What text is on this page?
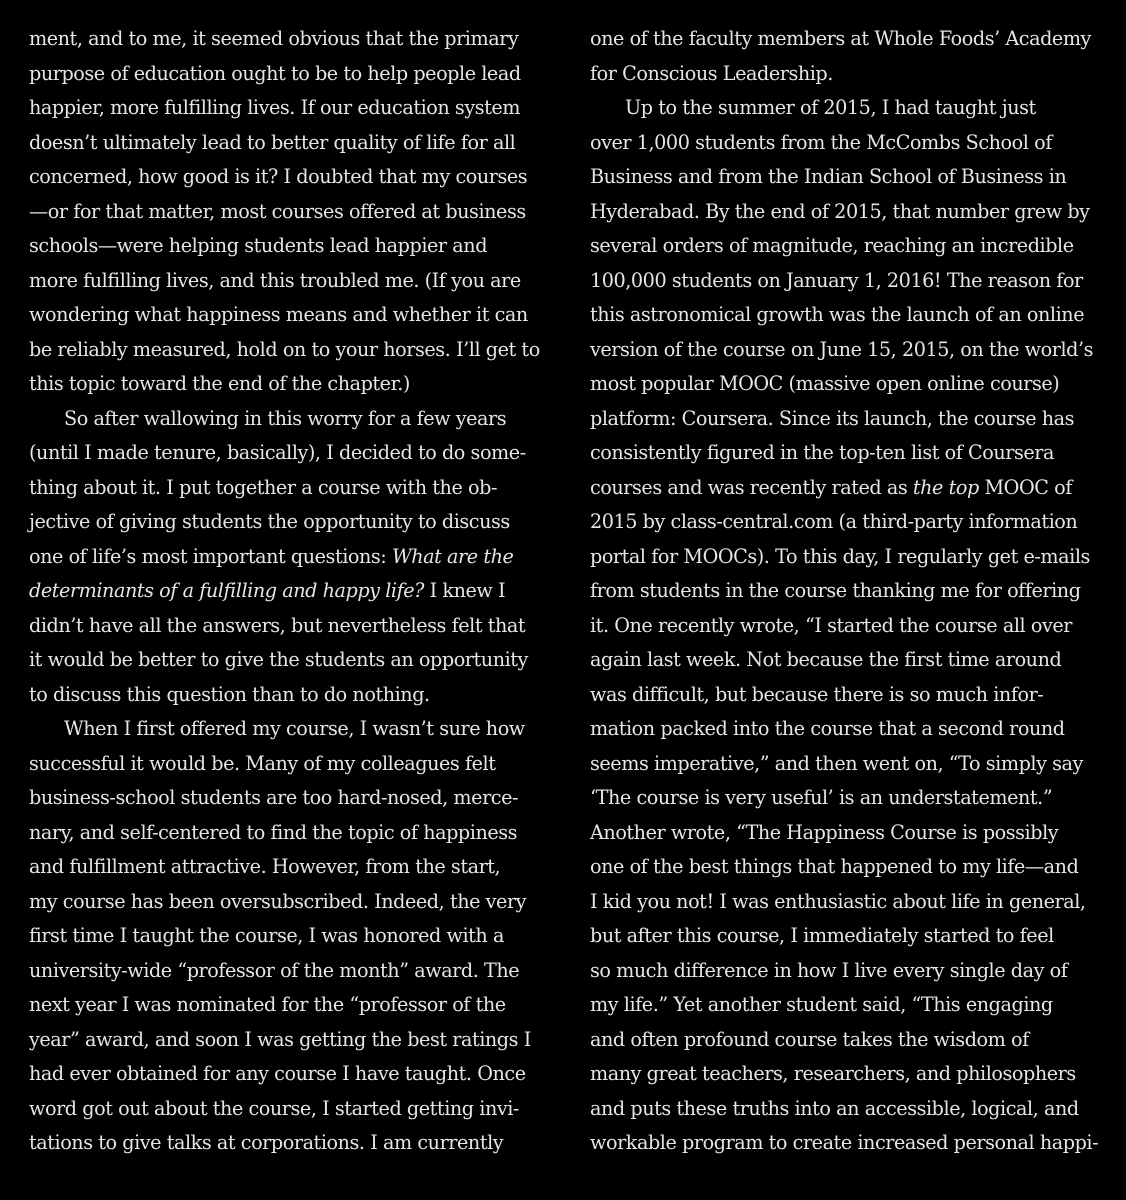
ment, and to me, it seemed obvious that the primary
purpose of education ought to be to help people lead
happier, more fulfilling lives. If our education system
doesn’t ultimately lead to better quality of life for all
concerned, how good is it? I doubted that my courses
—or for that matter, most courses offered at business
schools—were helping students lead happier and
more fulfilling lives, and this troubled me. (If you are
wondering what happiness means and whether it can
be reliably measured, hold on to your horses. I’ll get to
this topic toward the end of the chapter.)
So after wallowing in this worry for a few years
(until I made tenure, basically), I decided to do some-
thing about it. I put together a course with the ob-
jective of giving students the opportunity to discuss
one of life’s most important questions: What are the
determinants of a fulfilling and happy life? I knew I
didn’t have all the answers, but nevertheless felt that
it would be better to give the students an opportunity
to discuss this question than to do nothing.
When I first offered my course, I wasn’t sure how
successful it would be. Many of my colleagues felt
business-school students are too hard-nosed, merce-
nary, and self-centered to find the topic of happiness
and fulfillment attractive. However, from the start,
my course has been oversubscribed. Indeed, the very
first time I taught the course, I was honored with a
university-wide “professor of the month” award. The
next year I was nominated for the “professor of the
year” award, and soon I was getting the best ratings I
had ever obtained for any course I have taught. Once
word got out about the course, I started getting invi-
tations to give talks at corporations. I am currently
one of the faculty members at Whole Foods’ Academy
for Conscious Leadership.
Up to the summer of 2015, I had taught just
over 1,000 students from the McCombs School of
Business and from the Indian School of Business in
Hyderabad. By the end of 2015, that number grew by
several orders of magnitude, reaching an incredible
100,000 students on January 1, 2016! The reason for
this astronomical growth was the launch of an online
version of the course on June 15, 2015, on the world’s
most popular MOOC (massive open online course)
platform: Coursera. Since its launch, the course has
consistently figured in the top-ten list of Coursera
courses and was recently rated as the top MOOC of
2015 by class-central.com (a third-party information
portal for MOOCs). To this day, I regularly get e-mails
from students in the course thanking me for offering
it. One recently wrote, “I started the course all over
again last week. Not because the first time around
was difficult, but because there is so much infor-
mation packed into the course that a second round
seems imperative,” and then went on, “To simply say
‘The course is very useful’ is an understatement.”
Another wrote, “The Happiness Course is possibly
one of the best things that happened to my life—and
I kid you not! I was enthusiastic about life in general,
but after this course, I immediately started to feel
so much difference in how I live every single day of
my life.” Yet another student said, “This engaging
and often profound course takes the wisdom of
many great teachers, researchers, and philosophers
and puts these truths into an accessible, logical, and
workable program to create increased personal happi-
